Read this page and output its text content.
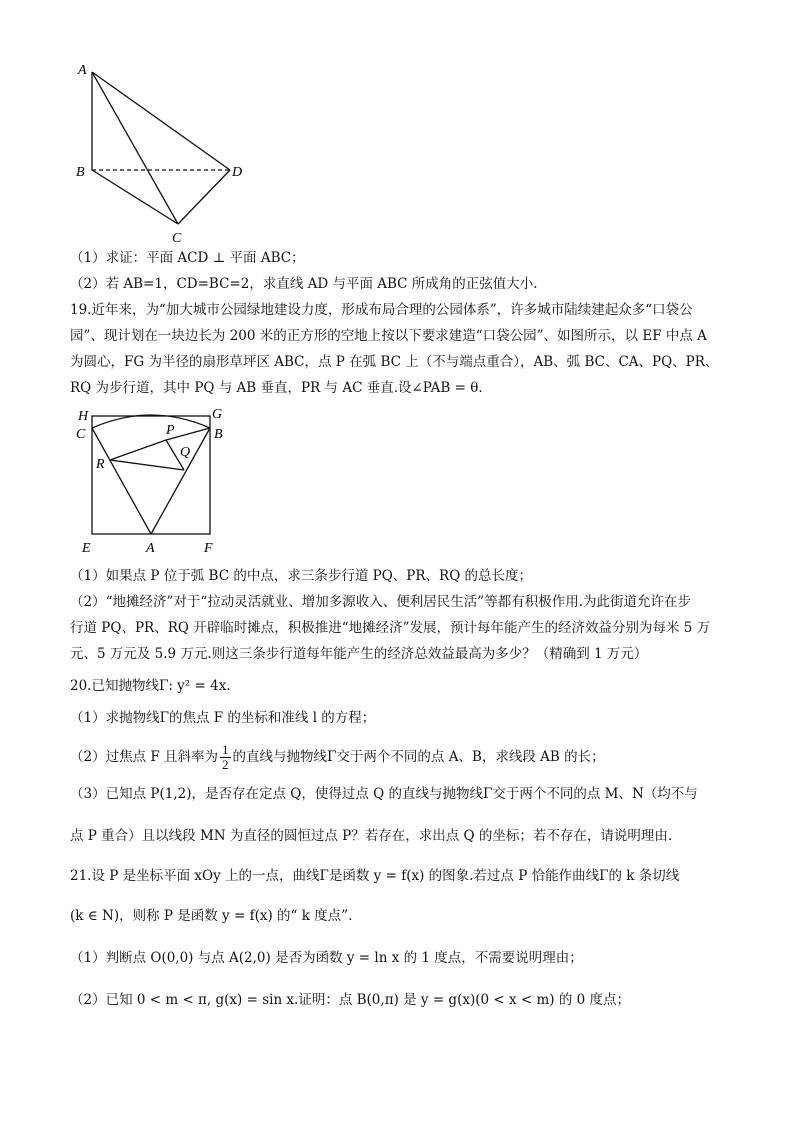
A
B	D
C
（1）求证：平面 ACD ⊥ 平面 ABC；
（2）若 AB=1，CD=BC=2，求直线 AD 与平面 ABC 所成角的正弦值大小.
19.近年来，为“加大城市公园绿地建设力度，形成布局合理的公园体系”，许多城市陆续建起众多“口袋公
园”、现计划在一块边长为 200 米的正方形的空地上按以下要求建造“口袋公园”、如图所示，以 EF 中点 A
为圆心，FG 为半径的扇形草坪区 ABC，点 P 在弧 BC 上（不与端点重合），AB、弧 BC、CA、PQ、PR、
RQ 为步行道，其中 PQ 与 AB 垂直，PR 与 AC 垂直.设∠PAB = θ.
H	G
C	B
P
R
Q
E	A	F
（1）如果点 P 位于弧 BC 的中点，求三条步行道 PQ、PR、RQ 的总长度；
（2）“地摊经济”对于“拉动灵活就业、增加多源收入、便利居民生活”等都有积极作用.为此街道允许在步
行道 PQ、PR、RQ 开辟临时摊点，积极推进“地摊经济”发展，预计每年能产生的经济效益分别为每米 5 万
元、5 万元及 5.9 万元.则这三条步行道每年能产生的经济总效益最高为多少？（精确到 1 万元）
20.已知抛物线Γ: y² = 4x.
（1）求抛物线Γ的焦点 F 的坐标和准线 l 的方程；
（2）过焦点 F 且斜率为 $\frac{1}{2}$ 的直线与抛物线Γ交于两个不同的点 A、B，求线段 AB 的长；
（3）已知点 P(1,2)，是否存在定点 Q，使得过点 Q 的直线与抛物线Γ交于两个不同的点 M、N（均不与
点 P 重合）且以线段 MN 为直径的圆恒过点 P？若存在，求出点 Q 的坐标；若不存在，请说明理由.
21.设 P 是坐标平面 xOy 上的一点，曲线Γ是函数 y = f(x) 的图象.若过点 P 恰能作曲线Γ的 k 条切线
(k ∈ N)，则称 P 是函数 y = f(x) 的“ k 度点”.
（1）判断点 O(0,0) 与点 A(2,0) 是否为函数 y = ln x 的 1 度点，不需要说明理由；
（2）已知 0 < m < π, g(x) = sin x.证明：点 B(0,π) 是 y = g(x)(0 < x < m) 的 0 度点；
